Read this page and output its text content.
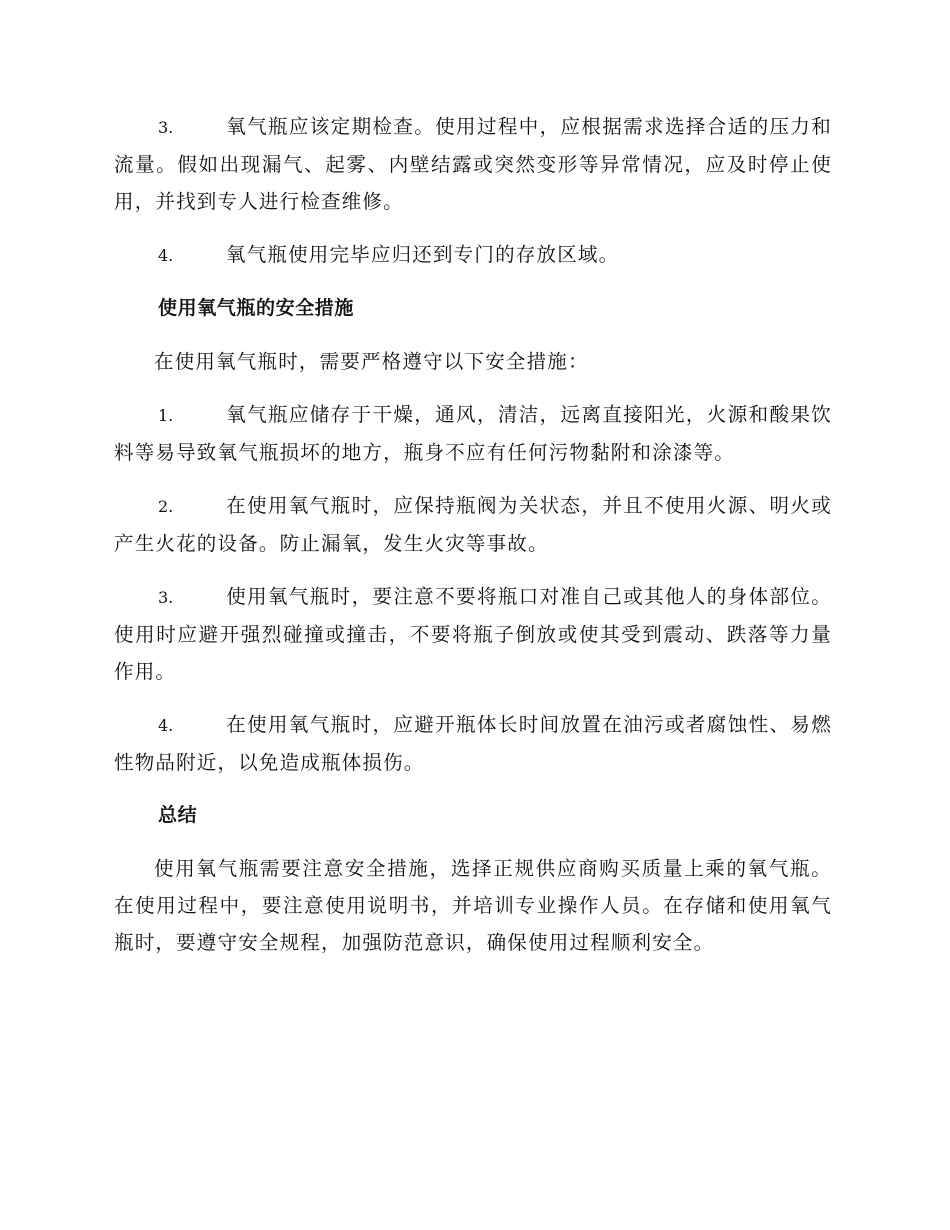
3.	氧气瓶应该定期检查。使用过程中，应根据需求选择合适的压力和流量。假如出现漏气、起雾、内壁结露或突然变形等异常情况，应及时停止使用，并找到专人进行检查维修。

4.	氧气瓶使用完毕应归还到专门的存放区域。

使用氧气瓶的安全措施

在使用氧气瓶时，需要严格遵守以下安全措施：

1.	氧气瓶应储存于干燥，通风，清洁，远离直接阳光，火源和酸果饮料等易导致氧气瓶损坏的地方，瓶身不应有任何污物黏附和涂漆等。

2.	在使用氧气瓶时，应保持瓶阀为关状态，并且不使用火源、明火或产生火花的设备。防止漏氧，发生火灾等事故。

3.	使用氧气瓶时，要注意不要将瓶口对准自己或其他人的身体部位。使用时应避开强烈碰撞或撞击，不要将瓶子倒放或使其受到震动、跌落等力量作用。

4.	在使用氧气瓶时，应避开瓶体长时间放置在油污或者腐蚀性、易燃性物品附近，以免造成瓶体损伤。

总结

使用氧气瓶需要注意安全措施，选择正规供应商购买质量上乘的氧气瓶。在使用过程中，要注意使用说明书，并培训专业操作人员。在存储和使用氧气瓶时，要遵守安全规程，加强防范意识，确保使用过程顺利安全。
